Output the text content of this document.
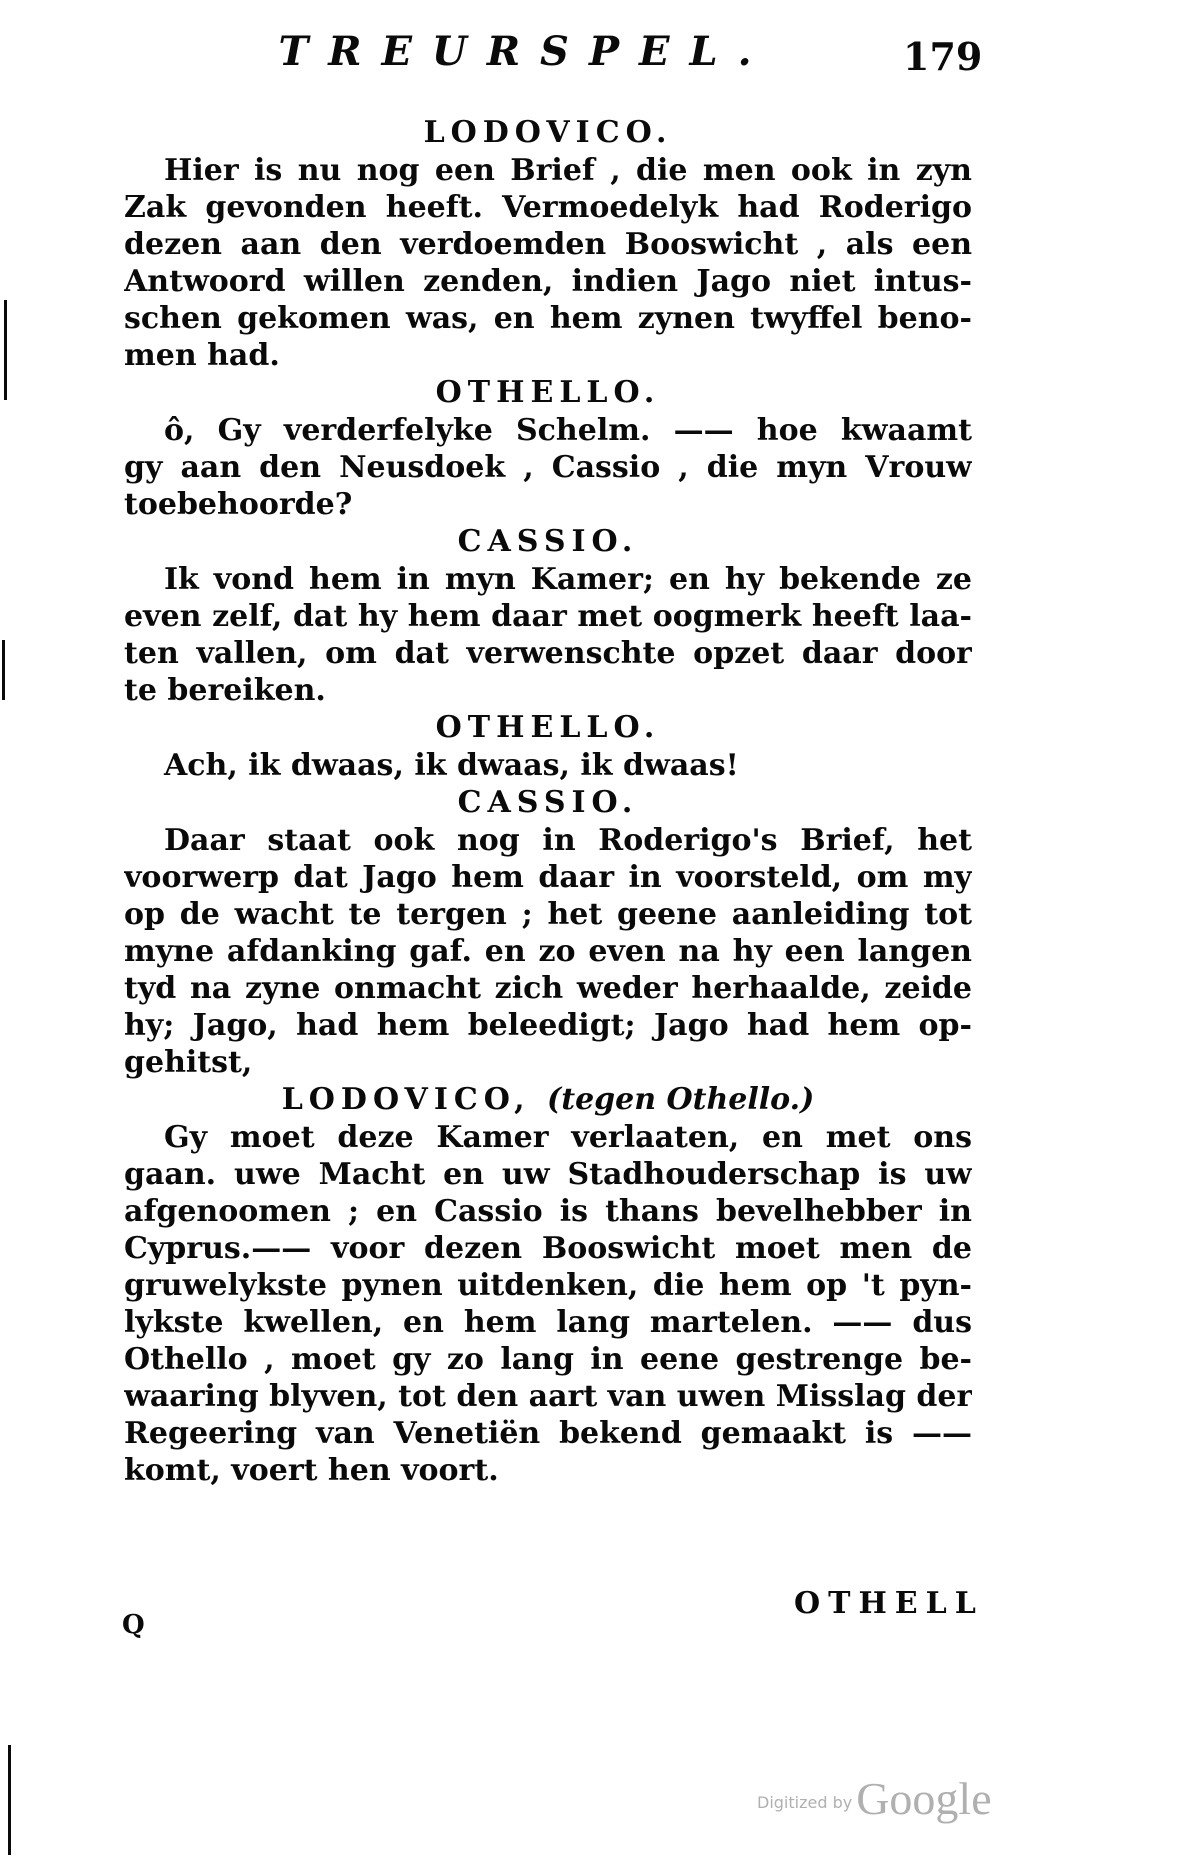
TREURSPEL.	179
LODOVICO.
Hier is nu nog een Brief , die men ook in zyn
Zak gevonden heeft. Vermoedelyk had Roderigo
dezen aan den verdoemden Booswicht , als een
Antwoord willen zenden, indien Jago niet intus-
schen gekomen was, en hem zynen twyffel beno-
men had.
OTHELLO.
ô, Gy verderfelyke Schelm. —— hoe kwaamt
gy aan den Neusdoek , Cassio , die myn Vrouw
toebehoorde?
CASSIO.
Ik vond hem in myn Kamer; en hy bekende ze
even zelf, dat hy hem daar met oogmerk heeft laa-
ten vallen, om dat verwenschte opzet daar door
te bereiken.
OTHELLO.
Ach, ik dwaas, ik dwaas, ik dwaas!
CASSIO.
Daar staat ook nog in Roderigo's Brief, het
voorwerp dat Jago hem daar in voorsteld, om my
op de wacht te tergen ; het geene aanleiding tot
myne afdanking gaf. en zo even na hy een langen
tyd na zyne onmacht zich weder herhaalde, zeide
hy; Jago, had hem beleedigt; Jago had hem op-
gehitst,
LODOVICO, (tegen Othello.)
Gy moet deze Kamer verlaaten, en met ons
gaan. uwe Macht en uw Stadhouderschap is uw
afgenoomen ; en Cassio is thans bevelhebber in
Cyprus.—— voor dezen Booswicht moet men de
gruwelykste pynen uitdenken, die hem op 't pyn-
lykste kwellen, en hem lang martelen. —— dus
Othello , moet gy zo lang in eene gestrenge be-
waaring blyven, tot den aart van uwen Misslag der
Regeering van Venetiën bekend gemaakt is ——
komt, voert hen voort.
OTHELL
Q
Digitized byGoogle
